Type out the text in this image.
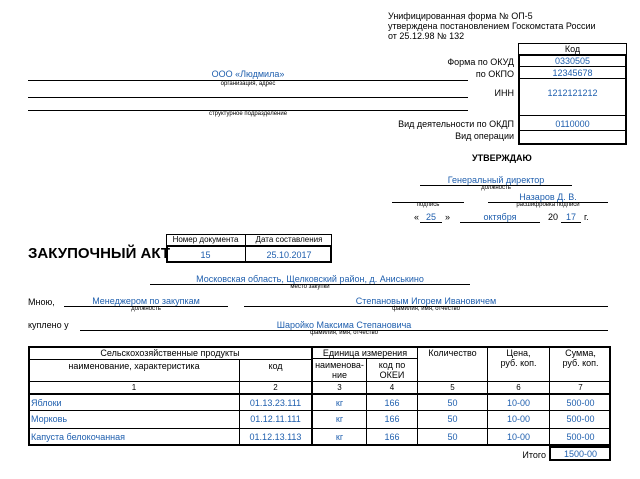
Унифицированная форма № ОП-5
утверждена постановлением Госкомстата России
от 25.12.98 № 132
Код
Форма по ОКУД	0330505
по ОКПО	12345678
ИНН	1212121212
Вид деятельности по ОКДП	0110000
Вид операции
ООО «Людмила»
организация, адрес
структурное подразделение
УТВЕРЖДАЮ
Генеральный директор
должность
подпись
Назаров Д. В.
расшифровка подписи
« 25	»	октября	20 17 г.
ЗАКУПОЧНЫЙ АКТ
Номер документа	Дата составления
15	25.10.2017
Московская область, Щелковский район, д. Аниськино
место закупки
Мною,	Менеджером по закупкам
должность
Степановым Игорем Ивановичем
фамилия, имя, отчество
куплено у	Шаройко Максима Степановича
фамилия, имя, отчество
Сельскохозяйственные продукты
наименование, характеристика	код
Единица измерения
наименова-
ние
код по
ОКЕИ
Количество	Цена,
руб. коп.
Сумма,
руб. коп.
1	2	3	4	5	6	7
Яблоки	01.13.23.111	кг	166	50	10-00	500-00
Морковь	01.12.11.111	кг	166	50	10-00	500-00
Капуста белокочанная	01.12.13.113	кг	166	50	10-00	500-00
Итого	1500-00
